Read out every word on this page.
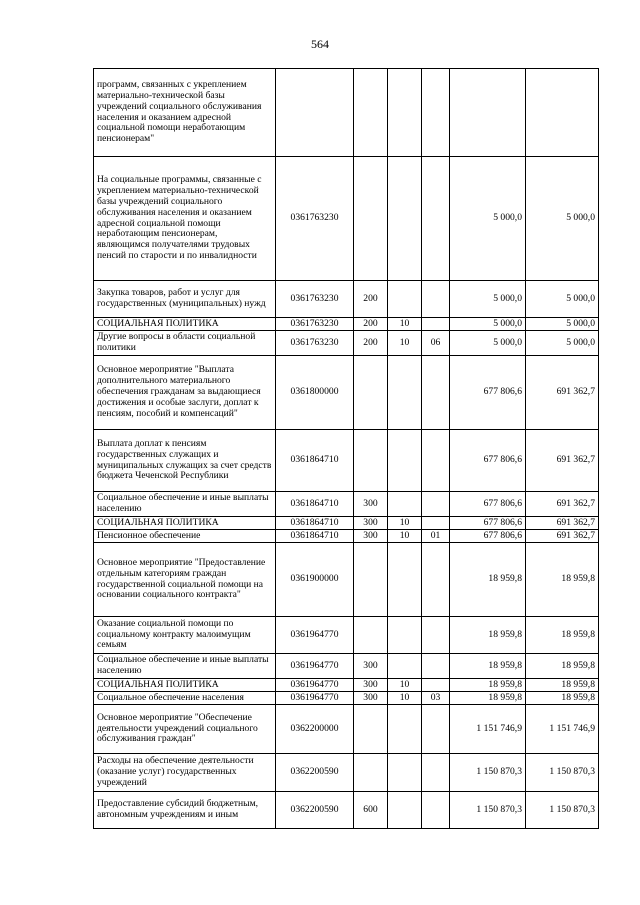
564
программ, связанных с укреплением материально-технической базы учреждений социального обслуживания населения и оказанием адресной социальной помощи неработающим пенсионерам"						
На социальные программы, связанные с укреплением материально-технической базы учреждений социального обслуживания населения и оказанием адресной социальной помощи неработающим пенсионерам, являющимся получателями трудовых пенсий по старости и по инвалидности	0361763230				5 000,0	5 000,0
Закупка товаров, работ и услуг для государственных (муниципальных) нужд	0361763230	200			5 000,0	5 000,0
СОЦИАЛЬНАЯ ПОЛИТИКА	0361763230	200	10		5 000,0	5 000,0
Другие вопросы в области социальной политики	0361763230	200	10	06	5 000,0	5 000,0
Основное мероприятие "Выплата дополнительного материального обеспечения гражданам за выдающиеся достижения и особые заслуги, доплат к пенсиям, пособий и компенсаций"	0361800000				677 806,6	691 362,7
Выплата доплат к пенсиям государственных служащих и муниципальных служащих за счет средств бюджета Чеченской Республики	0361864710				677 806,6	691 362,7
Социальное обеспечение и иные выплаты населению	0361864710	300			677 806,6	691 362,7
СОЦИАЛЬНАЯ ПОЛИТИКА	0361864710	300	10		677 806,6	691 362,7
Пенсионное обеспечение	0361864710	300	10	01	677 806,6	691 362,7
Основное мероприятие "Предоставление отдельным категориям граждан государственной социальной помощи на основании социального контракта"	0361900000				18 959,8	18 959,8
Оказание социальной помощи по социальному контракту малоимущим семьям	0361964770				18 959,8	18 959,8
Социальное обеспечение и иные выплаты населению	0361964770	300			18 959,8	18 959,8
СОЦИАЛЬНАЯ ПОЛИТИКА	0361964770	300	10		18 959,8	18 959,8
Социальное обеспечение населения	0361964770	300	10	03	18 959,8	18 959,8
Основное мероприятие "Обеспечение деятельности учреждений социального обслуживания граждан"	0362200000				1 151 746,9	1 151 746,9
Расходы на обеспечение деятельности (оказание услуг) государственных учреждений	0362200590				1 150 870,3	1 150 870,3
Предоставление субсидий бюджетным, автономным учреждениям и иным	0362200590	600			1 150 870,3	1 150 870,3
